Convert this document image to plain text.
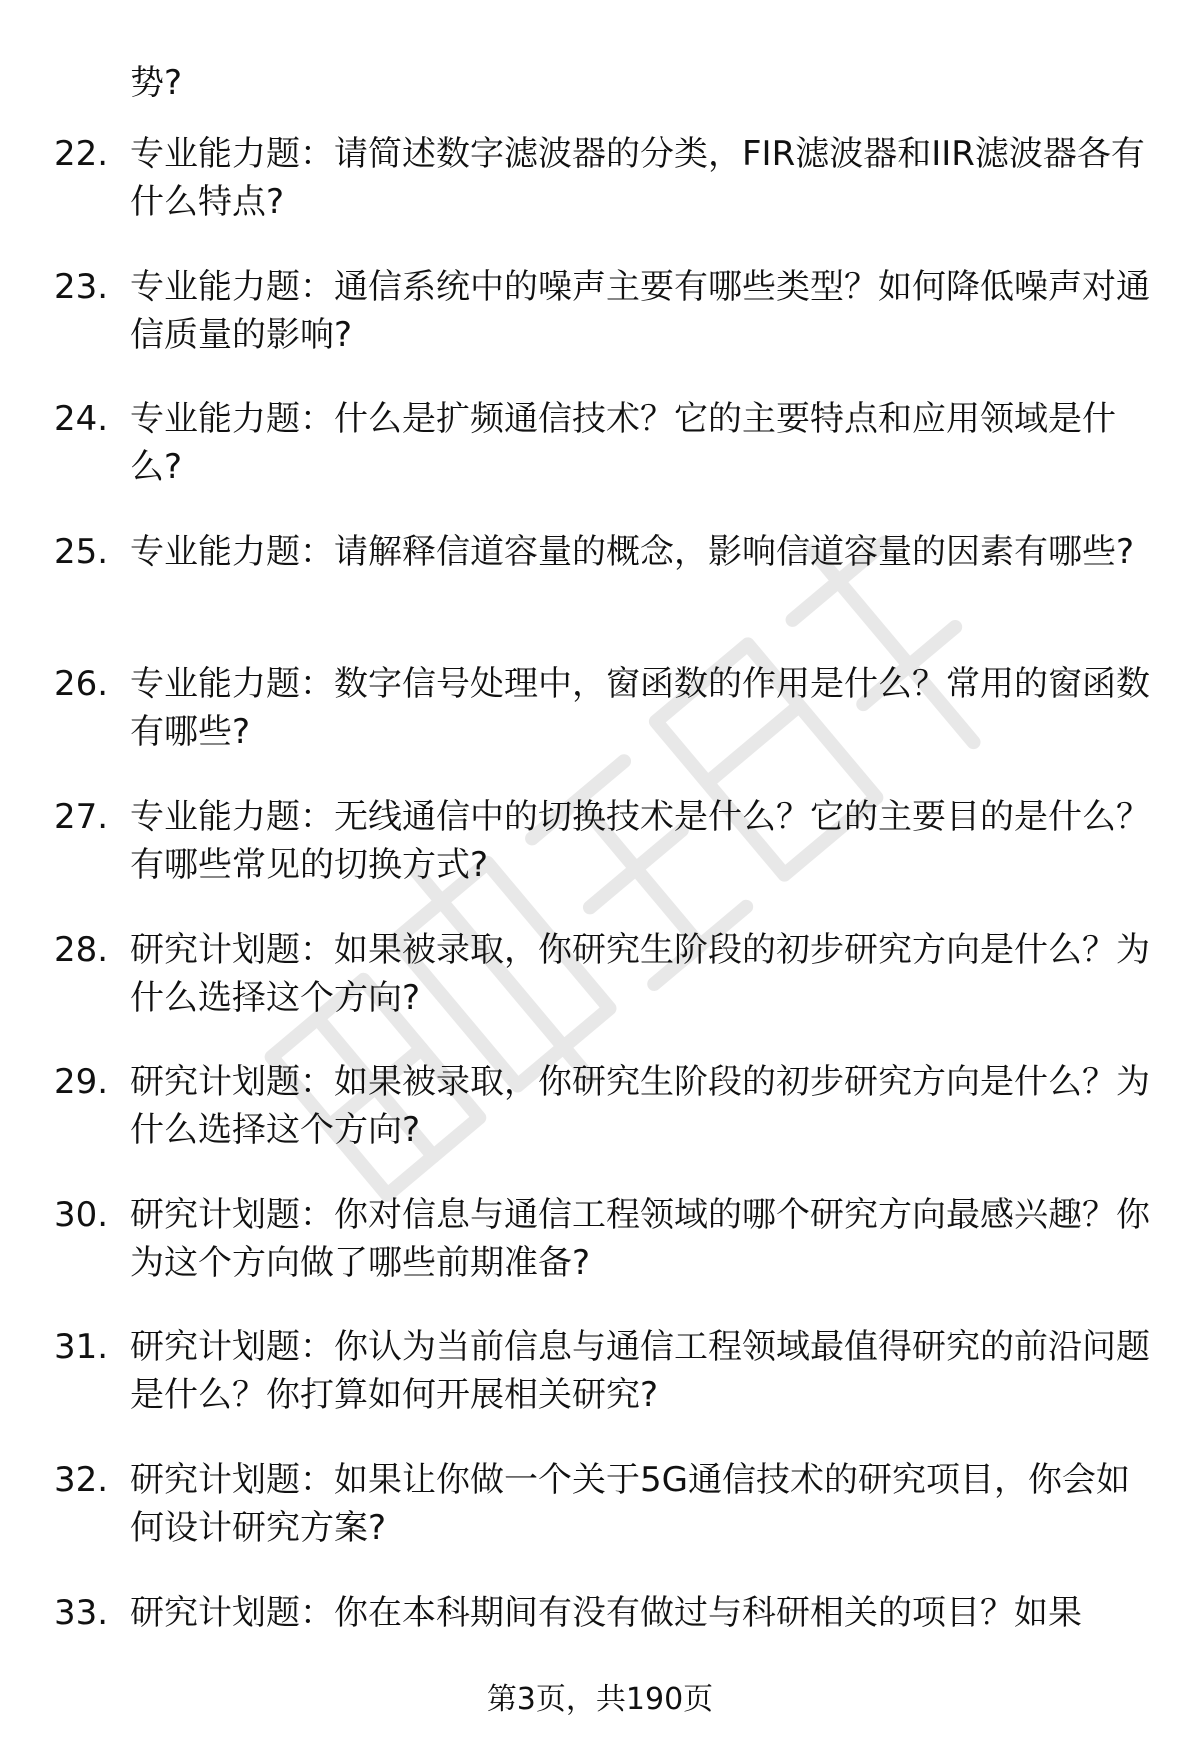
势?

22. 专业能力题：请简述数字滤波器的分类，FIR滤波器和IIR滤波器各有什么特点?
23. 专业能力题：通信系统中的噪声主要有哪些类型？如何降低噪声对通信质量的影响?
24. 专业能力题：什么是扩频通信技术？它的主要特点和应用领域是什么?
25. 专业能力题：请解释信道容量的概念，影响信道容量的因素有哪些?
26. 专业能力题：数字信号处理中，窗函数的作用是什么？常用的窗函数有哪些?
27. 专业能力题：无线通信中的切换技术是什么？它的主要目的是什么？有哪些常见的切换方式?
28. 研究计划题：如果被录取，你研究生阶段的初步研究方向是什么？为什么选择这个方向?
29. 研究计划题：如果被录取，你研究生阶段的初步研究方向是什么？为什么选择这个方向?
30. 研究计划题：你对信息与通信工程领域的哪个研究方向最感兴趣？你为这个方向做了哪些前期准备?
31. 研究计划题：你认为当前信息与通信工程领域最值得研究的前沿问题是什么？你打算如何开展相关研究?
32. 研究计划题：如果让你做一个关于5G通信技术的研究项目，你会如何设计研究方案?
33. 研究计划题：你在本科期间有没有做过与科研相关的项目？如果
第3页，共190页
